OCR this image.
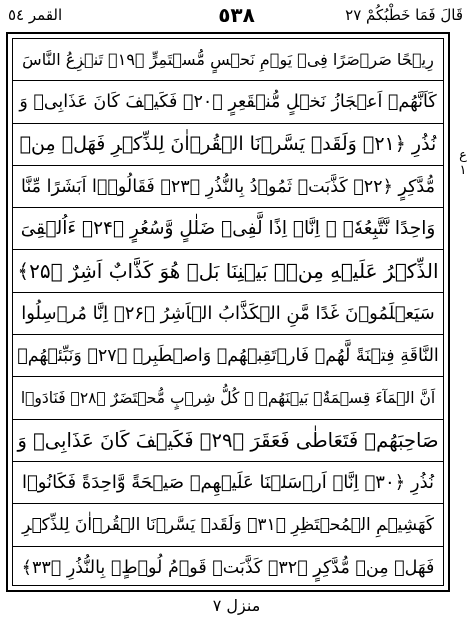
القمر ٥٤	٥٣٨	قَالَ فَمَا خَطْبُكُمْ ٢٧
رِيۡحًا صَرۡصَرًا فِىۡ يَوۡمِ نَحۡسٍ مُّسۡتَمِرٍّ ﴿۱۹﴾ تَنۡزِعُ النَّاسَ
كَاَنَّهُمۡ اَعۡجَازُ نَخۡلٍ مُّنۡقَعِرٍ ﴿۲۰﴾ فَكَيۡفَ كَانَ عَذَابِىۡ وَ
نُذُرِ ﴿۲۱﴾ وَلَقَدۡ يَسَّرۡنَا الۡقُرۡاٰنَ لِلذِّكۡرِ فَهَلۡ مِنۡ
مُّدَّكِرٍ ﴿۲۲﴾ كَذَّبَتۡ ثَمُوۡدُ بِالنُّذُرِ ﴿۲۳﴾ فَقَالُوۡۤا اَبَشَرًا مِّنَّا
وَاحِدًا نَّتَّبِعُهٗۤ ۙ اِنَّاۤ اِذًا لَّفِىۡ ضَلٰلٍ وَّسُعُرٍ ﴿۲۴﴾ ءَاُلۡقِىَ
الذِّكۡرُ عَلَيۡهِ مِنۡۢ بَيۡنِنَا بَلۡ هُوَ كَذَّابٌ اَشِرٌ ﴿۲۵﴾
سَيَعۡلَمُوۡنَ غَدًا مَّنِ الۡكَذَّابُ الۡاَشِرُ ﴿۲۶﴾ اِنَّا مُرۡسِلُوا
النَّاقَةِ فِتۡنَةً لَّهُمۡ فَارۡتَقِبۡهُمۡ وَاصۡطَبِرۡ ﴿۲۷﴾ وَنَبِّئۡهُمۡ
اَنَّ الۡمَآءَ قِسۡمَةٌۢ بَيۡنَهُمۡ ۚ كُلُّ شِرۡبٍ مُّحۡتَضَرٌ ﴿۲۸﴾ فَنَادَوۡا
صَاحِبَهُمۡ فَتَعَاطٰى فَعَقَرَ ﴿۲۹﴾ فَكَيۡفَ كَانَ عَذَابِىۡ وَ
نُذُرِ ﴿۳۰﴾ اِنَّاۤ اَرۡسَلۡنَا عَلَيۡهِمۡ صَيۡحَةً وَّاحِدَةً فَكَانُوۡا
كَهَشِيۡمِ الۡمُحۡتَظِرِ ﴿۳۱﴾ وَلَقَدۡ يَسَّرۡنَا الۡقُرۡاٰنَ لِلذِّكۡرِ
فَهَلۡ مِنۡ مُّدَّكِرٍ ﴿۳۲﴾ كَذَّبَتۡ قَوۡمُ لُوۡطٍۢ بِالنُّذُرِ ﴿۳۳﴾
ع ۱
منزل ۷
